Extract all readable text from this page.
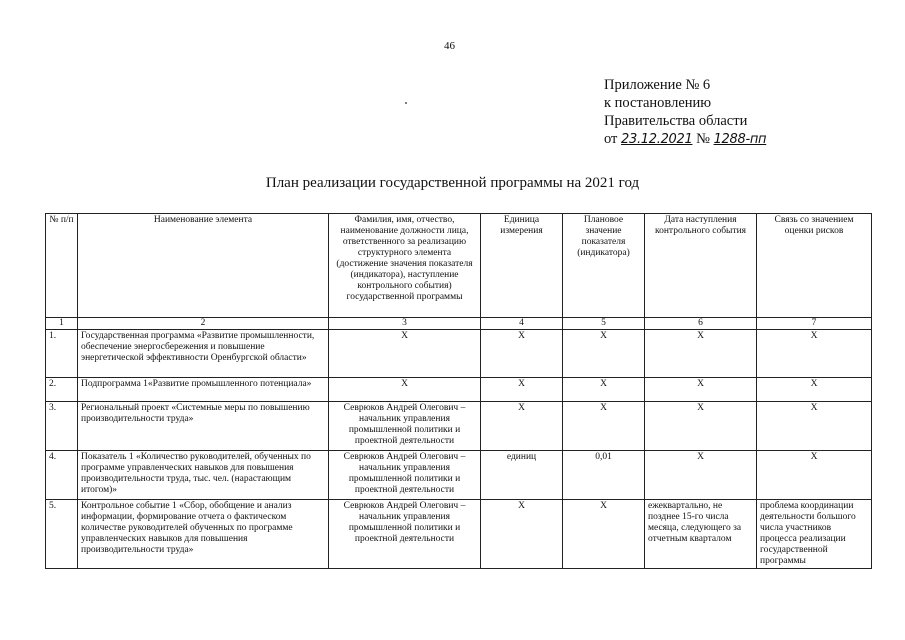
46
Приложение № 6
к постановлению
Правительства области
от 23.12.2021 № 1288-пп
План реализации государственной программы на 2021 год
№ п/п	Наименование элемента	Фамилия, имя, отчество, наименование должности лица, ответственного за реализацию структурного элемента (достижение значения показателя (индикатора), наступление контрольного события) государственной программы	Единица измерения	Плановое значение показателя (индикатора)	Дата наступления контрольного события	Связь со значением оценки рисков
1	2	3	4	5	6	7
1.	Государственная программа «Развитие промышленности, обеспечение энергосбережения и повышение энергетической эффективности Оренбургской области»	X	X	X	X	X
2.	Подпрограмма 1«Развитие промышленного потенциала»	X	X	X	X	X
3.	Региональный проект «Системные меры по повышению производительности труда»	Севрюков Андрей Олегович – начальник управления промышленной политики и проектной деятельности	X	X	X	X
4.	Показатель 1 «Количество руководителей, обученных по программе управленческих навыков для повышения производительности труда, тыс. чел. (нарастающим итогом)»	Севрюков Андрей Олегович – начальник управления промышленной политики и проектной деятельности	единиц	0,01	X	X
5.	Контрольное событие 1 «Сбор, обобщение и анализ информации, формирование отчета о фактическом количестве руководителей обученных по программе управленческих навыков для повышения производительности труда»	Севрюков Андрей Олегович – начальник управления промышленной политики и проектной деятельности	X	X	ежеквартально, не позднее 15-го числа месяца, следующего за отчетным кварталом	проблема координации деятельности большого числа участников процесса реализации государственной программы
